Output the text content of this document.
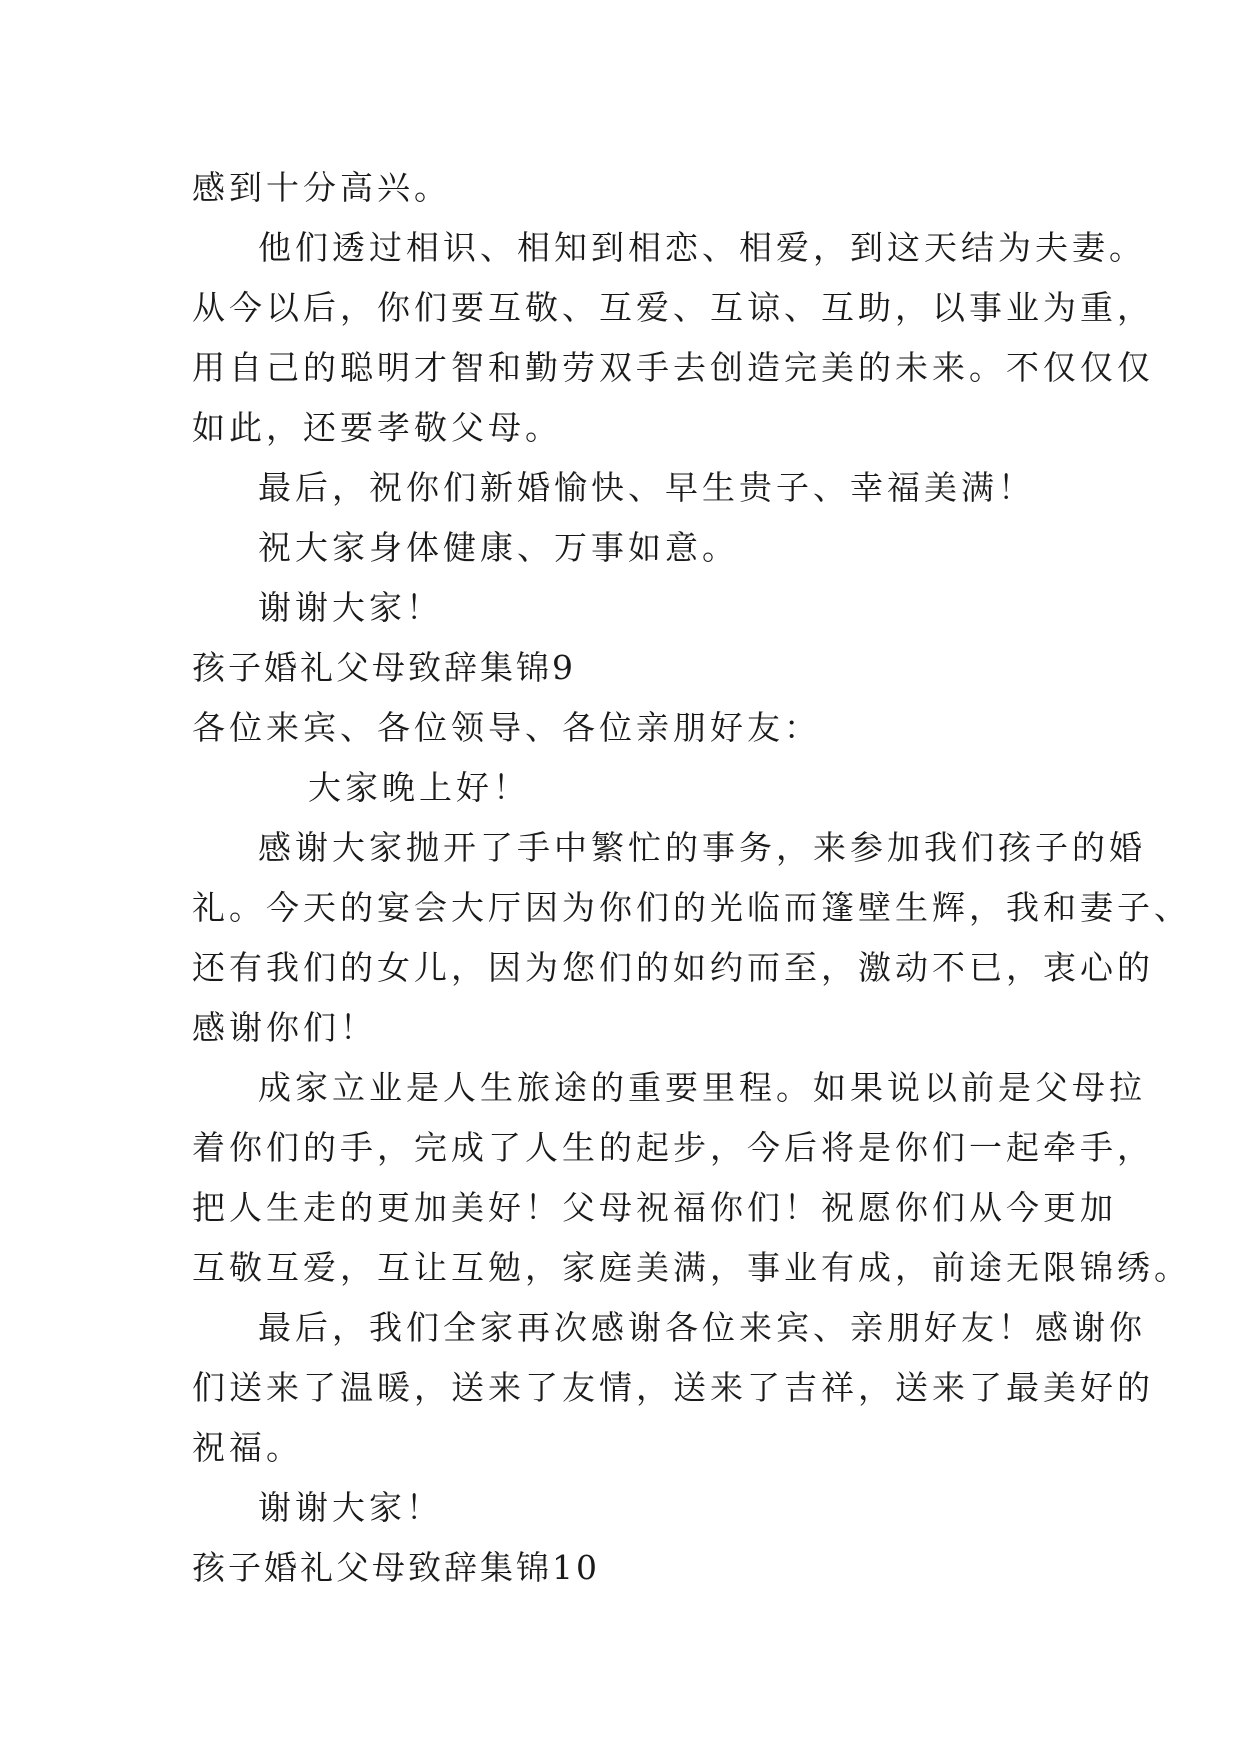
感到十分高兴。
他们透过相识、相知到相恋、相爱，到这天结为夫妻。
从今以后，你们要互敬、互爱、互谅、互助，以事业为重，
用自己的聪明才智和勤劳双手去创造完美的未来。不仅仅仅
如此，还要孝敬父母。
最后，祝你们新婚愉快、早生贵子、幸福美满！
祝大家身体健康、万事如意。
谢谢大家！
孩子婚礼父母致辞集锦9
各位来宾、各位领导、各位亲朋好友：
大家晚上好！
感谢大家抛开了手中繁忙的事务，来参加我们孩子的婚
礼。今天的宴会大厅因为你们的光临而篷壁生辉，我和妻子、
还有我们的女儿，因为您们的如约而至，激动不已，衷心的
感谢你们！
成家立业是人生旅途的重要里程。如果说以前是父母拉
着你们的手，完成了人生的起步，今后将是你们一起牵手，
把人生走的更加美好！父母祝福你们！祝愿你们从今更加
互敬互爱，互让互勉，家庭美满，事业有成，前途无限锦绣。
最后，我们全家再次感谢各位来宾、亲朋好友！感谢你
们送来了温暖，送来了友情，送来了吉祥，送来了最美好的
祝福。
谢谢大家！
孩子婚礼父母致辞集锦10
